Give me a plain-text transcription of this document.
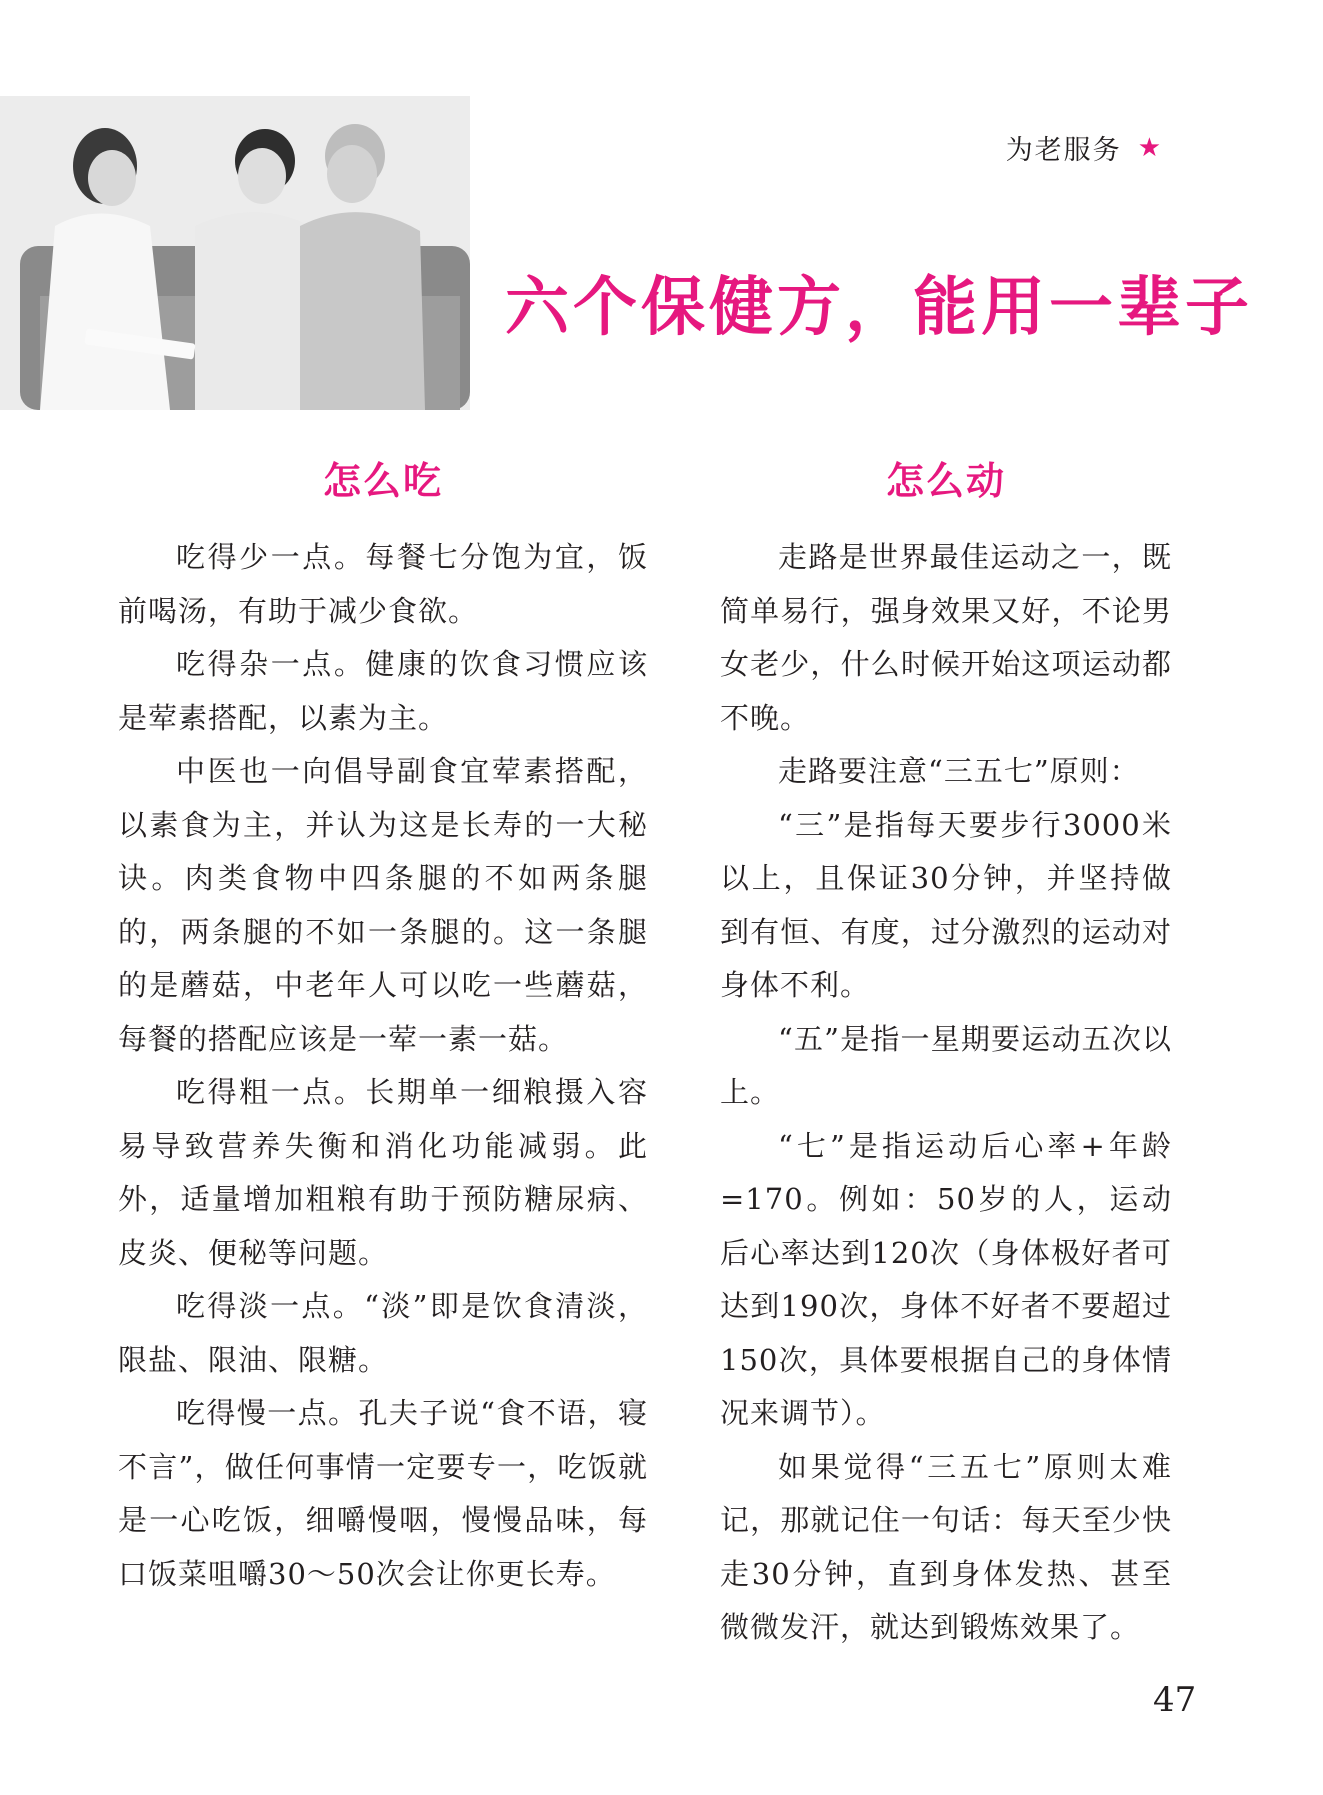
为老服务 ★
六个保健方，能用一辈子
怎么吃

吃得少一点。每餐七分饱为宜，饭前喝汤，有助于减少食欲。

吃得杂一点。健康的饮食习惯应该是荤素搭配，以素为主。

中医也一向倡导副食宜荤素搭配，以素食为主，并认为这是长寿的一大秘诀。肉类食物中四条腿的不如两条腿的，两条腿的不如一条腿的。这一条腿的是蘑菇，中老年人可以吃一些蘑菇，每餐的搭配应该是一荤一素一菇。

吃得粗一点。长期单一细粮摄入容易导致营养失衡和消化功能减弱。此外，适量增加粗粮有助于预防糖尿病、皮炎、便秘等问题。

吃得淡一点。“淡”即是饮食清淡，限盐、限油、限糖。

吃得慢一点。孔夫子说“食不语，寝不言”，做任何事情一定要专一，吃饭就是一心吃饭，细嚼慢咽，慢慢品味，每口饭菜咀嚼30～50次会让你更长寿。

怎么动

走路是世界最佳运动之一，既简单易行，强身效果又好，不论男女老少，什么时候开始这项运动都不晚。

走路要注意“三五七”原则：

“三”是指每天要步行3000米以上，且保证30分钟，并坚持做到有恒、有度，过分激烈的运动对身体不利。

“五”是指一星期要运动五次以上。

“七”是指运动后心率+年龄=170。例如：50岁的人，运动后心率达到120次（身体极好者可达到190次，身体不好者不要超过150次，具体要根据自己的身体情况来调节）。

如果觉得“三五七”原则太难记，那就记住一句话：每天至少快走30分钟，直到身体发热、甚至微微发汗，就达到锻炼效果了。

47
